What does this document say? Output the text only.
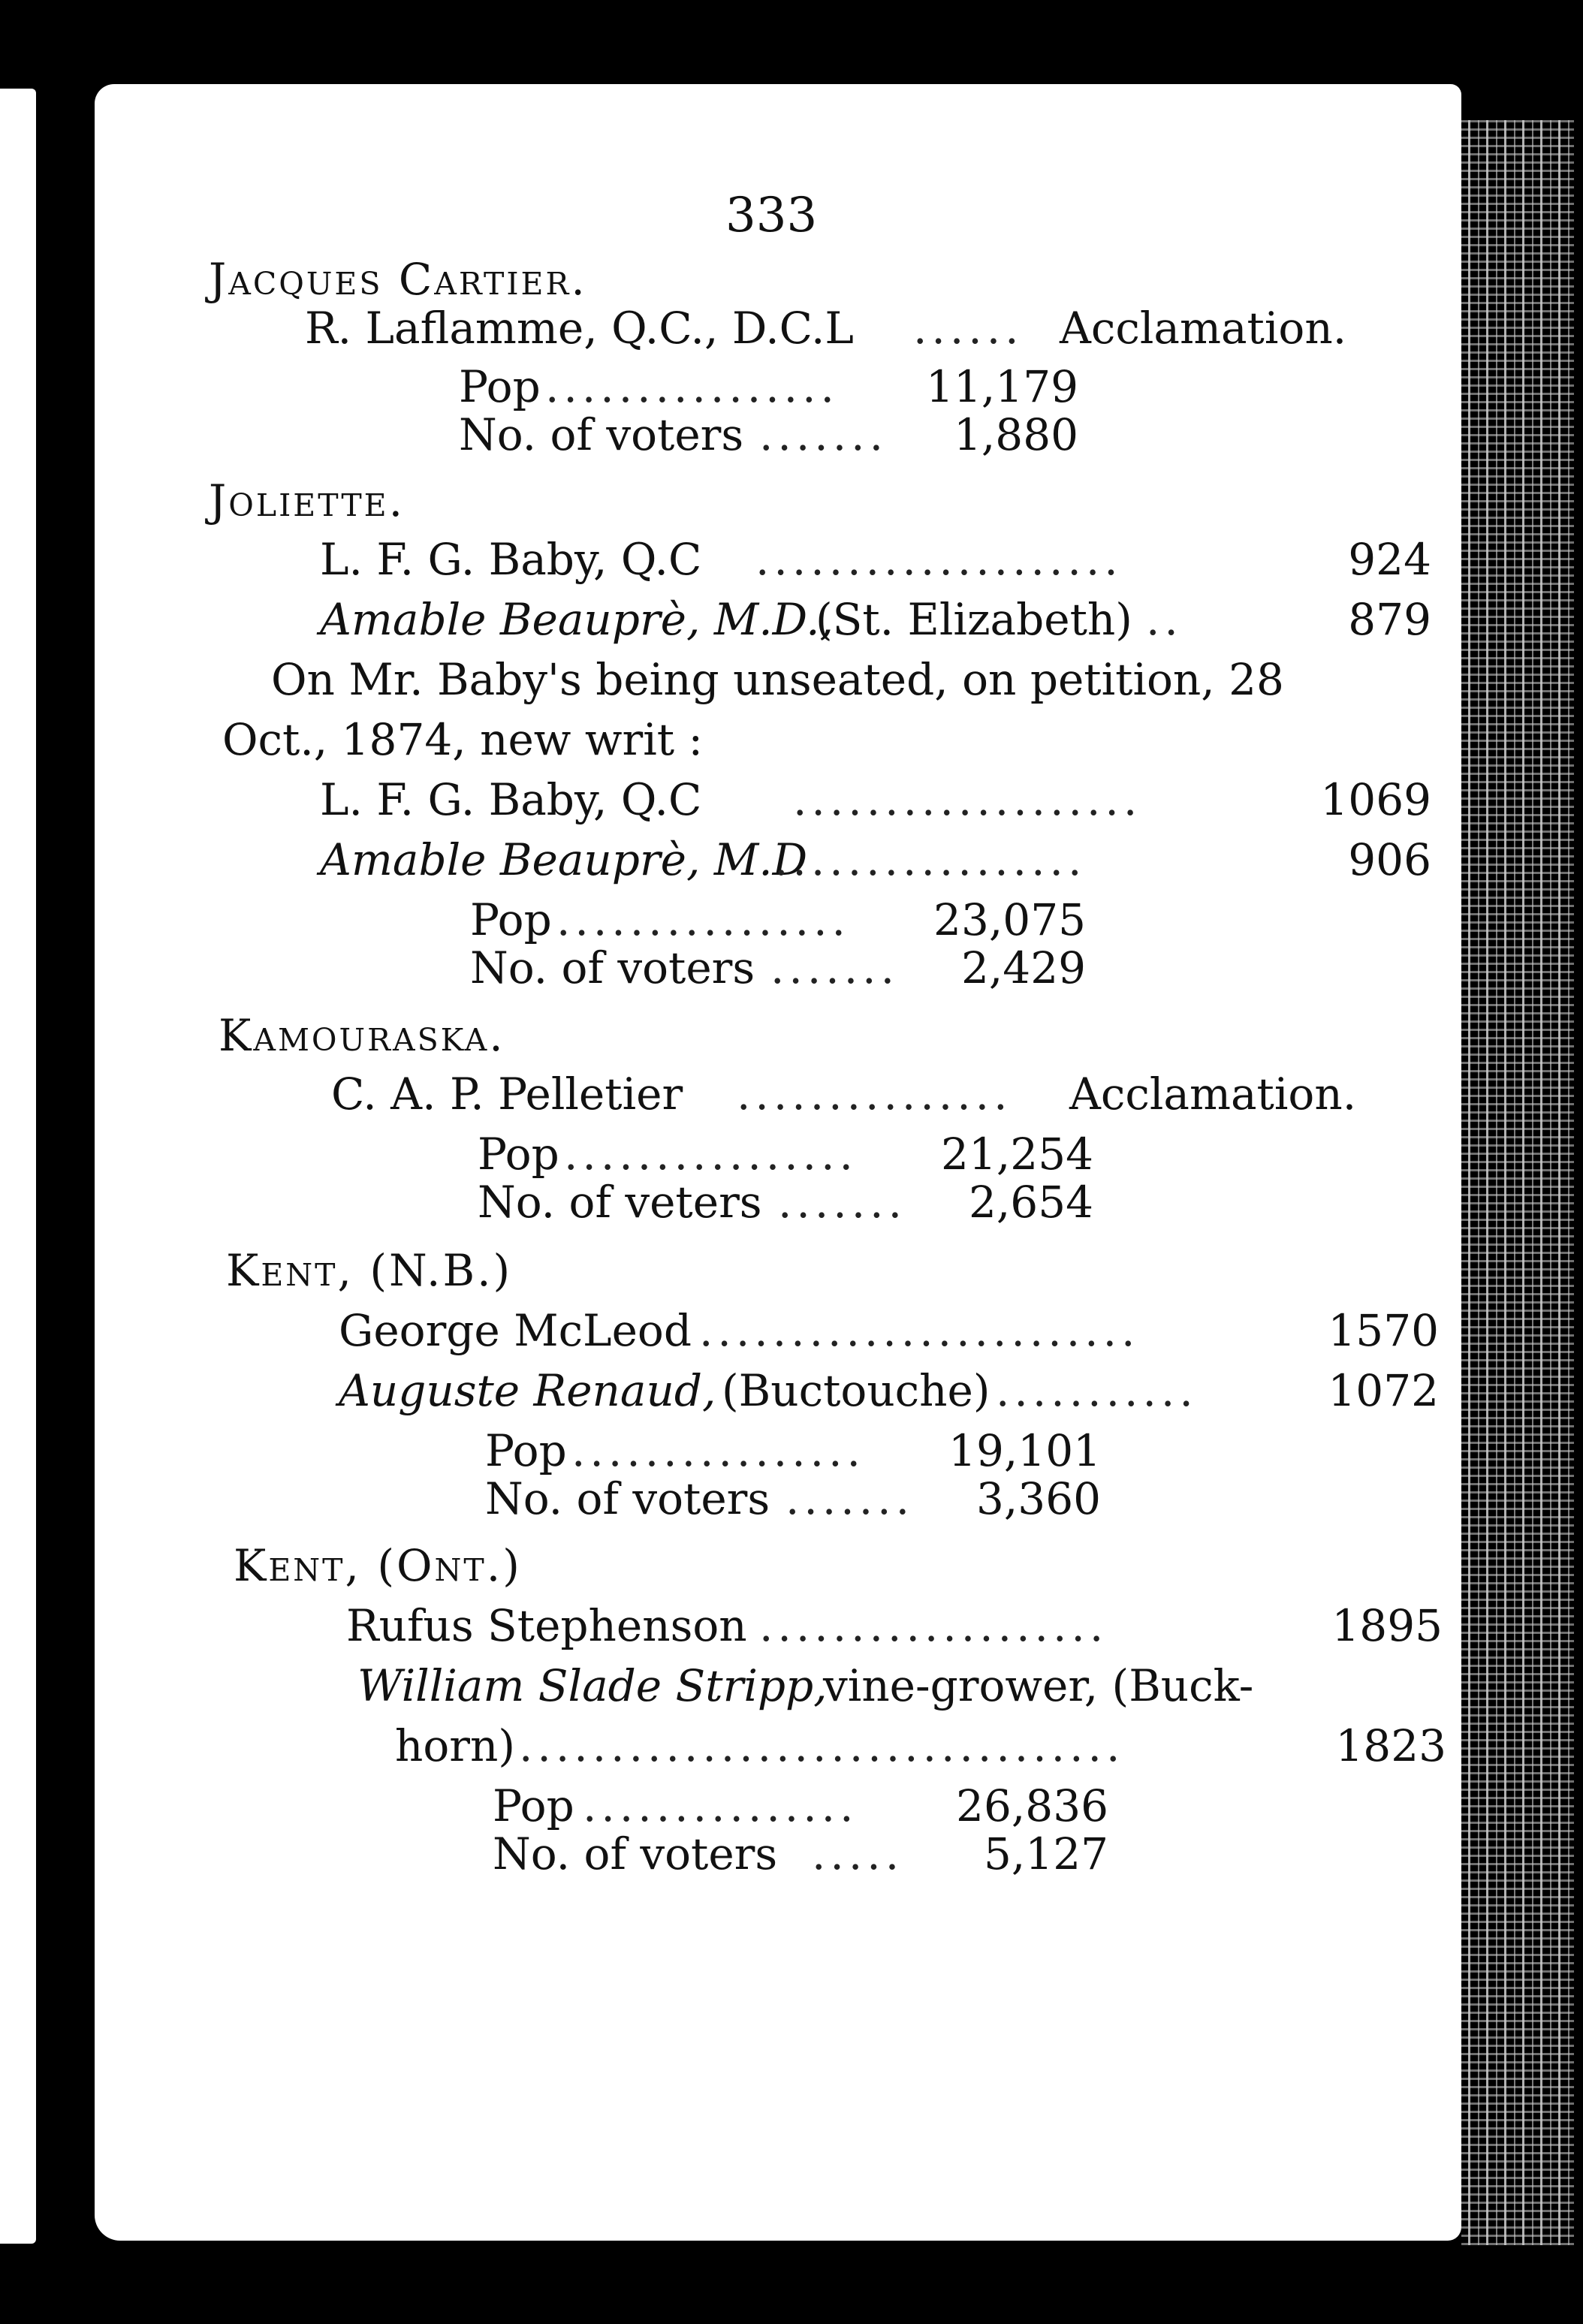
333
Jacques Cartier.
R. Laflamme, Q.C., D.C.L ...... Acclamation.
Pop ................	11,179
No. of voters .......	1,880
Joliette.
L. F. G. Baby, Q.C ....................	924
Amable Beauprè, M.D.,
(St. Elizabeth) ..	879
On Mr. Baby's being unseated, on petition, 28
Oct., 1874, new writ :
L. F. G. Baby, Q.C ...................	1069
Amable Beauprè, M.D
.................	906
Pop ................	23,075
No. of voters .......	2,429
Kamouraska.
C. A. P. Pelletier ............... Acclamation.
Pop ................	21,254
No. of veters .......	2,654
Kent, (N.B.)
George McLeod ........................	1570
Auguste Renaud, (Buctouche) ...........	1072
Pop ................	19,101
No. of voters .......	3,360
Kent, (Ont.)
Rufus Stephenson ...................	1895
William Slade Stripp,
vine-grower, (Buck-
horn) .................................	1823
Pop ...............	26,836
No. of voters .....	5,127
